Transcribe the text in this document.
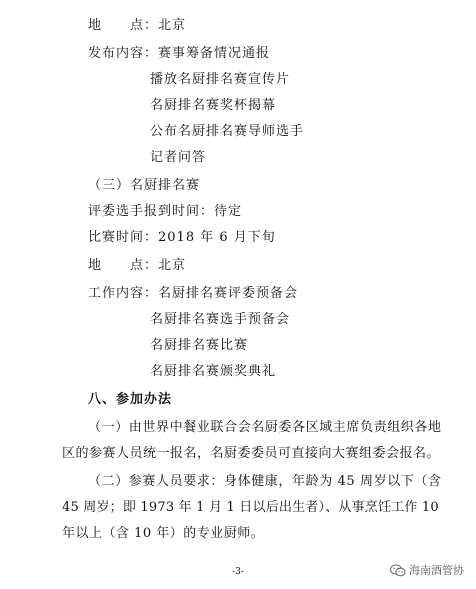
地　　点：北京
发布内容：赛事筹备情况通报
播放名厨排名赛宣传片
名厨排名赛奖杯揭幕
公布名厨排名赛导师选手
记者问答
（三）名厨排名赛
评委选手报到时间：待定
比赛时间：2018 年 6 月下旬
地　　点：北京
工作内容：名厨排名赛评委预备会
名厨排名赛选手预备会
名厨排名赛比赛
名厨排名赛颁奖典礼
八、参加办法
（一）由世界中餐业联合会名厨委各区域主席负责组织各地
区的参赛人员统一报名，名厨委委员可直接向大赛组委会报名。
（二）参赛人员要求：身体健康，年龄为 45 周岁以下（含
45 周岁；即 1973 年 1 月 1 日以后出生者）、从事烹饪工作 10
年以上（含 10 年）的专业厨师。
-3-	海南酒管协
